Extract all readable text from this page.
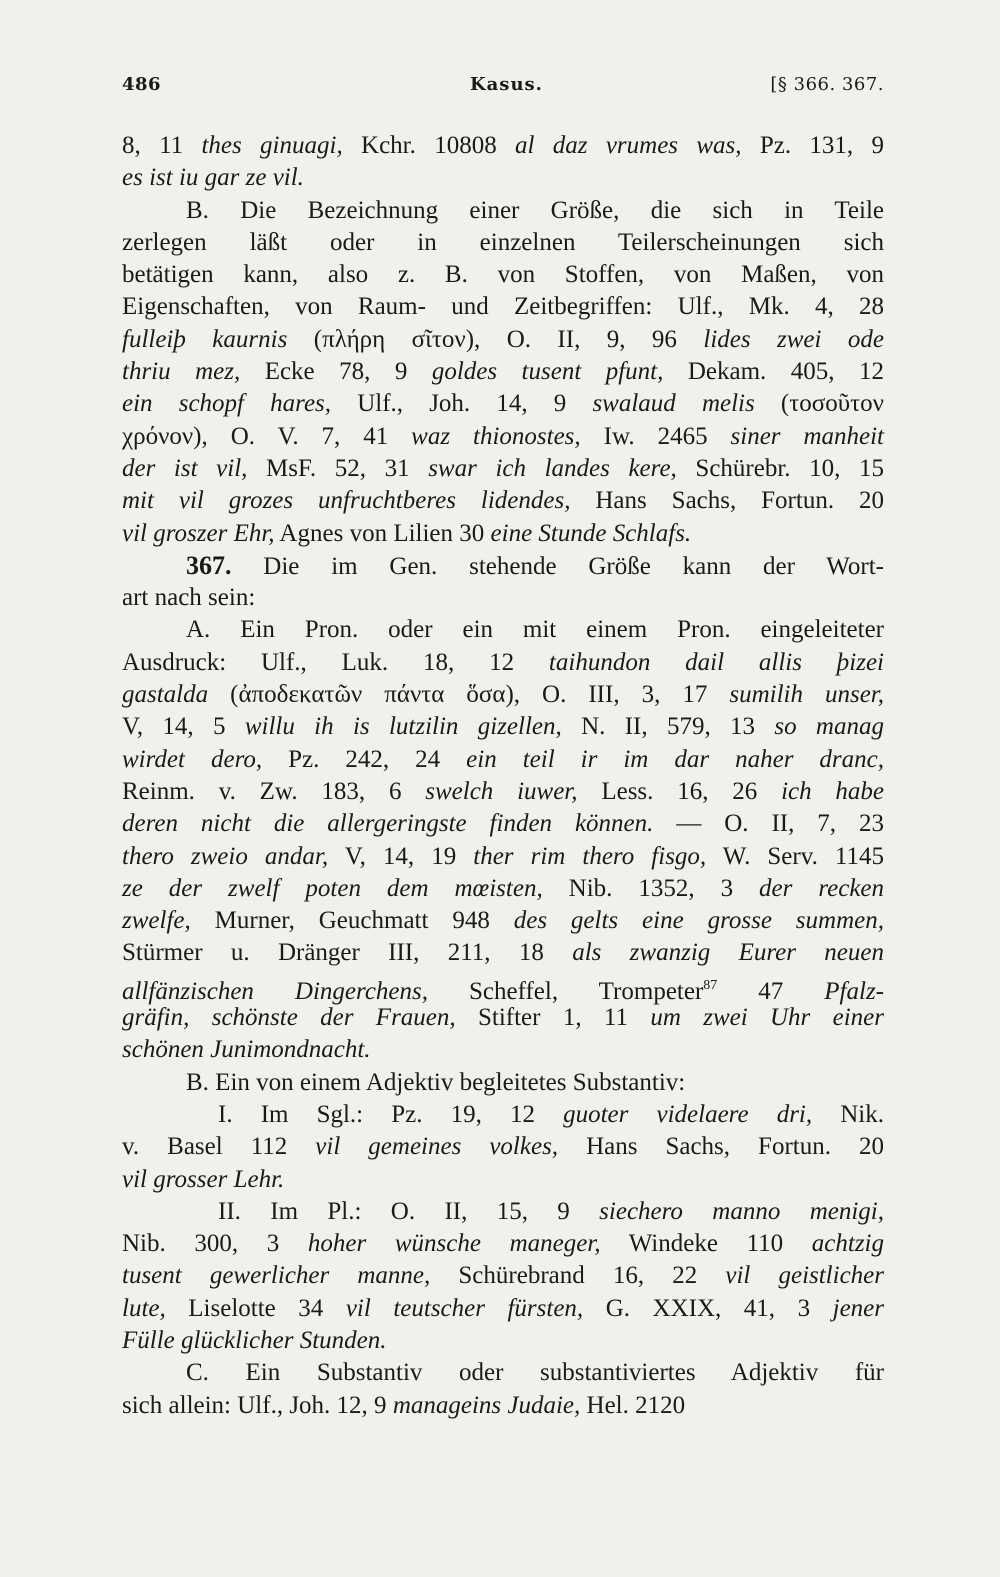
486	Kasus.	[§ 366. 367.
8, 11 thes ginuagi, Kchr. 10808 al daz vrumes was, Pz. 131, 9
es ist iu gar ze vil.
B. Die Bezeichnung einer Größe, die sich in Teile
zerlegen läßt oder in einzelnen Teilerscheinungen sich
betätigen kann, also z. B. von Stoffen, von Maßen, von
Eigenschaften, von Raum- und Zeitbegriffen: Ulf., Mk. 4, 28
fulleiþ kaurnis (πλήρη σῖτον), O. II, 9, 96 lides zwei ode
thriu mez, Ecke 78, 9 goldes tusent pfunt, Dekam. 405, 12
ein schopf hares, Ulf., Joh. 14, 9 swalaud melis (τοσοῦτον
χρόνον), O. V. 7, 41 waz thionostes, Iw. 2465 siner manheit
der ist vil, MsF. 52, 31 swar ich landes kere, Schürebr. 10, 15
mit vil grozes unfruchtberes lidendes, Hans Sachs, Fortun. 20
vil groszer Ehr, Agnes von Lilien 30 eine Stunde Schlafs.
367. Die im Gen. stehende Größe kann der Wort-
art nach sein:
A. Ein Pron. oder ein mit einem Pron. eingeleiteter
Ausdruck: Ulf., Luk. 18, 12 taihundon dail allis þizei
gastalda (ἀποδεκατῶν πάντα ὅσα), O. III, 3, 17 sumilih unser,
V, 14, 5 willu ih is lutzilin gizellen, N. II, 579, 13 so manag
wirdet dero, Pz. 242, 24 ein teil ir im dar naher dranc,
Reinm. v. Zw. 183, 6 swelch iuwer, Less. 16, 26 ich habe
deren nicht die allergeringste finden können. — O. II, 7, 23
thero zweio andar, V, 14, 19 ther rim thero fisgo, W. Serv. 1145
ze der zwelf poten dem mœisten, Nib. 1352, 3 der recken
zwelfe, Murner, Geuchmatt 948 des gelts eine grosse summen,
Stürmer u. Dränger III, 211, 18 als zwanzig Eurer neuen
allfänzischen Dingerchens, Scheffel, Trompeter$^{87}$ 47 Pfalz-
gräfin, schönste der Frauen, Stifter 1, 11 um zwei Uhr einer
schönen Junimondnacht.
B. Ein von einem Adjektiv begleitetes Substantiv:
I. Im Sgl.: Pz. 19, 12 guoter videlaere dri, Nik.
v. Basel 112 vil gemeines volkes, Hans Sachs, Fortun. 20
vil grosser Lehr.
II. Im Pl.: O. II, 15, 9 siechero manno menigi,
Nib. 300, 3 hoher wünsche maneger, Windeke 110 achtzig
tusent gewerlicher manne, Schürebrand 16, 22 vil geistlicher
lute, Liselotte 34 vil teutscher fürsten, G. XXIX, 41, 3 jener
Fülle glücklicher Stunden.
C. Ein Substantiv oder substantiviertes Adjektiv für
sich allein: Ulf., Joh. 12, 9 manageins Judaie, Hel. 2120
